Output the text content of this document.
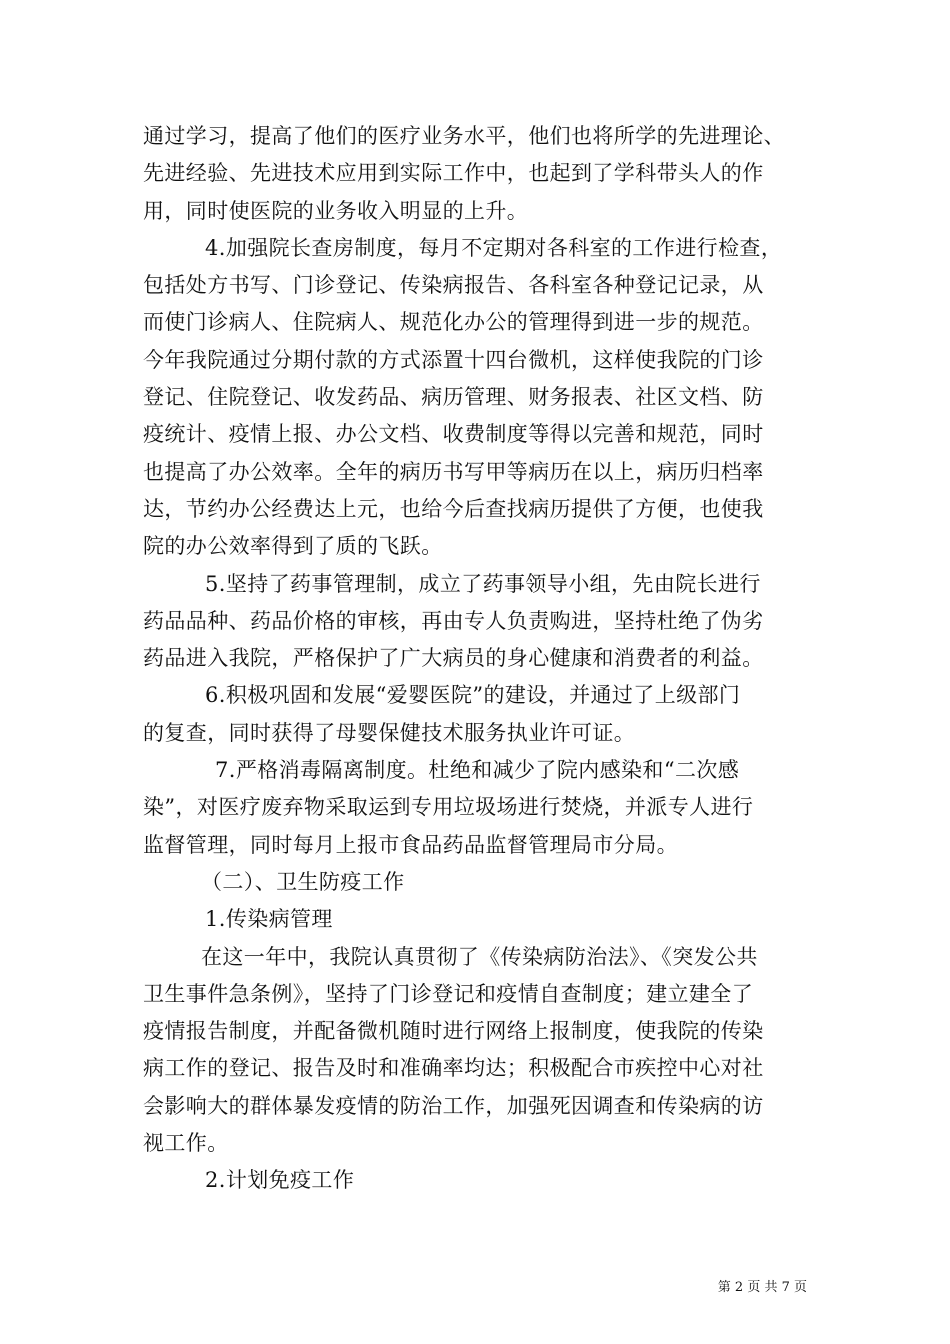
通过学习，提高了他们的医疗业务水平，他们也将所学的先进理论、
先进经验、先进技术应用到实际工作中，也起到了学科带头人的作
用，同时使医院的业务收入明显的上升。
4.加强院长查房制度，每月不定期对各科室的工作进行检查，
包括处方书写、门诊登记、传染病报告、各科室各种登记记录，从
而使门诊病人、住院病人、规范化办公的管理得到进一步的规范。
今年我院通过分期付款的方式添置十四台微机，这样使我院的门诊
登记、住院登记、收发药品、病历管理、财务报表、社区文档、防
疫统计、疫情上报、办公文档、收费制度等得以完善和规范，同时
也提高了办公效率。全年的病历书写甲等病历在以上，病历归档率
达，节约办公经费达上元，也给今后查找病历提供了方便，也使我
院的办公效率得到了质的飞跃。
5.坚持了药事管理制，成立了药事领导小组，先由院长进行
药品品种、药品价格的审核，再由专人负责购进，坚持杜绝了伪劣
药品进入我院，严格保护了广大病员的身心健康和消费者的利益。
6.积极巩固和发展“爱婴医院”的建设，并通过了上级部门
的复查，同时获得了母婴保健技术服务执业许可证。
7.严格消毒隔离制度。杜绝和减少了院内感染和“二次感
染”，对医疗废弃物采取运到专用垃圾场进行焚烧，并派专人进行
监督管理，同时每月上报市食品药品监督管理局市分局。
（二）、卫生防疫工作
1.传染病管理
在这一年中，我院认真贯彻了《传染病防治法》、《突发公共
卫生事件急条例》，坚持了门诊登记和疫情自查制度；建立建全了
疫情报告制度，并配备微机随时进行网络上报制度，使我院的传染
病工作的登记、报告及时和准确率均达；积极配合市疾控中心对社
会影响大的群体暴发疫情的防治工作，加强死因调查和传染病的访
视工作。
2.计划免疫工作
第 2 页 共 7 页
